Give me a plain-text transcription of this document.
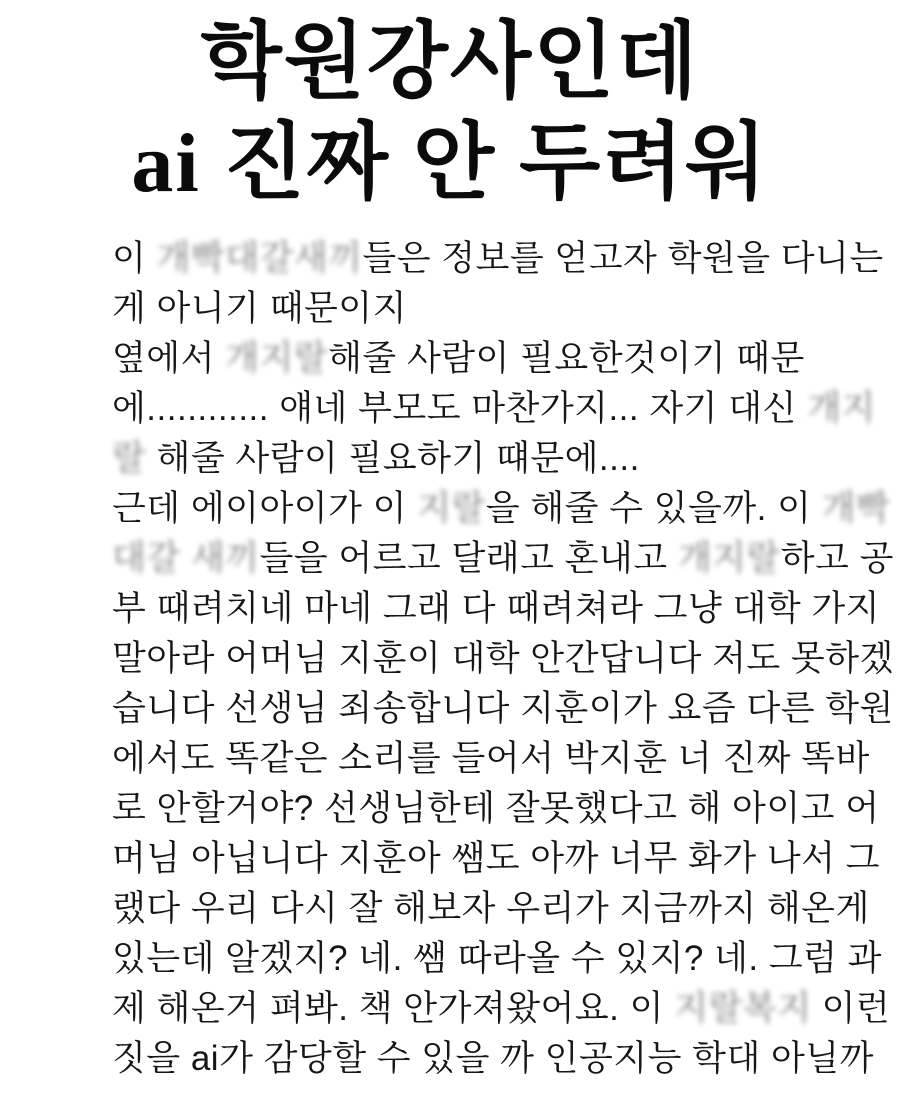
학원강사인데
ai 진짜 안 두려워
이 개빡대갈새끼들은 정보를 얻고자 학원을 다니는
게 아니기 때문이지
옆에서 개지랄해줄 사람이 필요한것이기 때문
에............ 얘네 부모도 마찬가지... 자기 대신 개지
랄 해줄 사람이 필요하기 떄문에....
근데 에이아이가 이 지랄을 해줄 수 있을까. 이 개빡
대갈 새끼들을 어르고 달래고 혼내고 개지랄하고 공
부 때려치네 마네 그래 다 때려쳐라 그냥 대학 가지
말아라 어머님 지훈이 대학 안간답니다 저도 못하겠
습니다 선생님 죄송합니다 지훈이가 요즘 다른 학원
에서도 똑같은 소리를 들어서 박지훈 너 진짜 똑바
로 안할거야? 선생님한테 잘못했다고 해 아이고 어
머님 아닙니다 지훈아 쌤도 아까 너무 화가 나서 그
랬다 우리 다시 잘 해보자 우리가 지금까지 해온게
있는데 알겠지? 네. 쌤 따라올 수 있지? 네. 그럼 과
제 해온거 펴봐. 책 안가져왔어요. 이 지랄복지 이런
짓을 ai가 감당할 수 있을 까 인공지능 학대 아닐까
